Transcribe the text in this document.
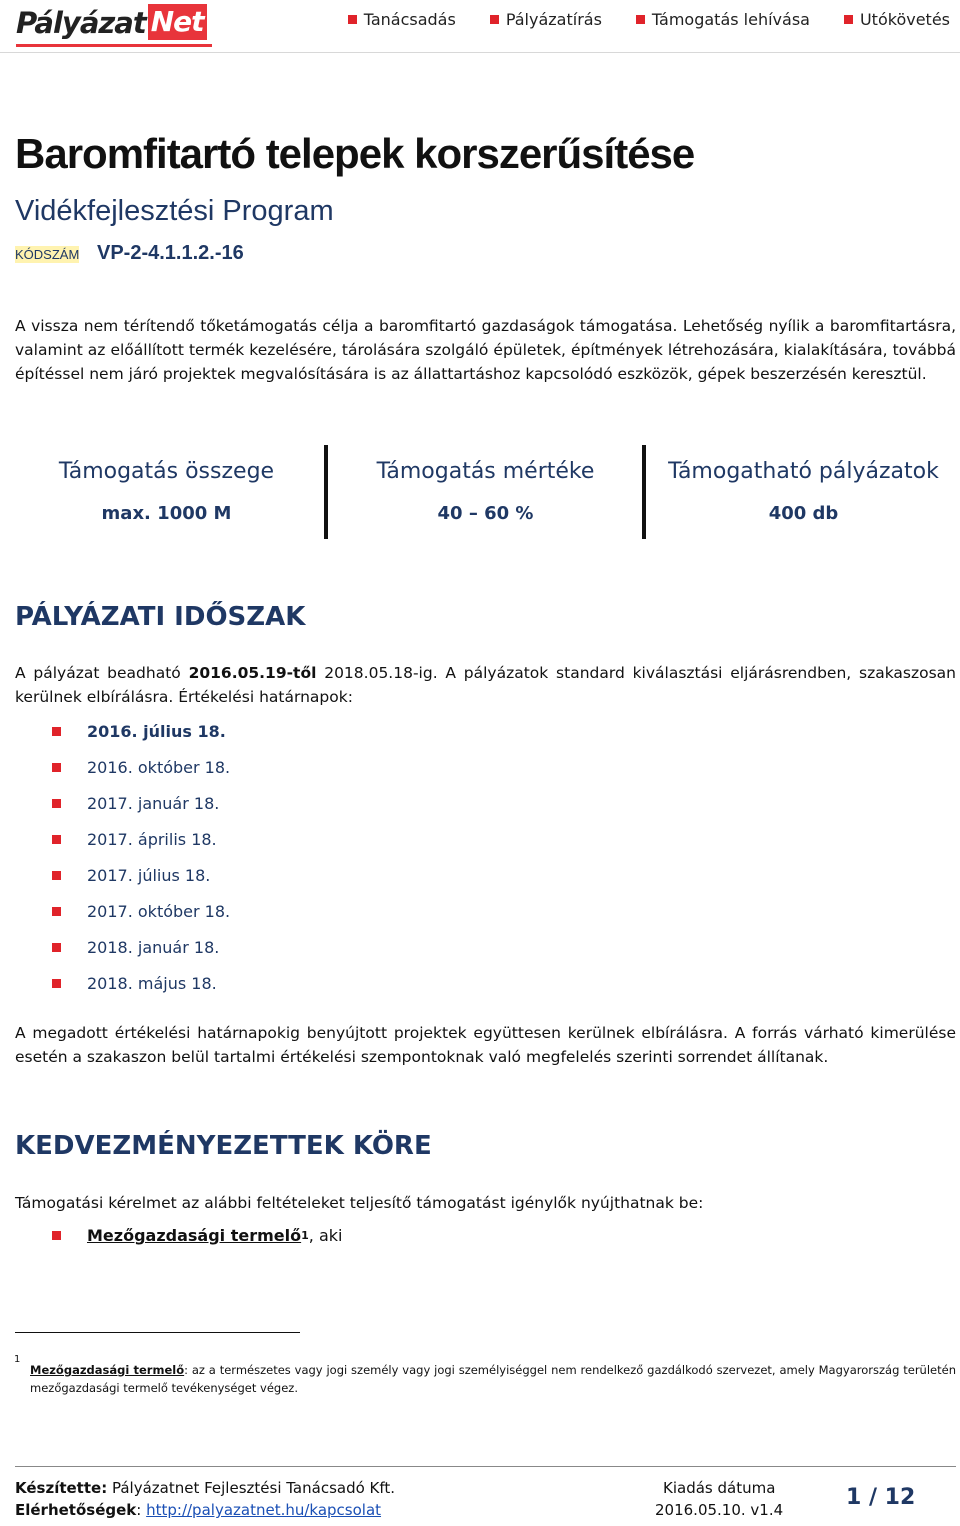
Pályázat Net	Tanácsadás	Pályázatírás	Támogatás lehívása	Utókövetés
Baromfitartó telepek korszerűsítése
Vidékfejlesztési Program
KÓDSZÁM VP-2-4.1.1.2.-16
A vissza nem térítendő tőketámogatás célja a baromfitartó gazdaságok támogatása. Lehetőség nyílik a baromfitartásra, valamint az előállított termék kezelésére, tárolására szolgáló épületek, építmények létrehozására, kialakítására, továbbá építéssel nem járó projektek megvalósítására is az állattartáshoz kapcsolódó eszközök, gépek beszerzésén keresztül.
Támogatás összege
max. 1000 M
Támogatás mértéke
40 – 60 %
Támogatható pályázatok
400 db
PÁLYÁZATI IDŐSZAK
A pályázat beadható 2016.05.19-től 2018.05.18-ig. A pályázatok standard kiválasztási eljárásrendben, szakaszosan kerülnek elbírálásra. Értékelési határnapok:
2016. július 18.
2016. október 18.
2017. január 18.
2017. április 18.
2017. július 18.
2017. október 18.
2018. január 18.
2018. május 18.
A megadott értékelési határnapokig benyújtott projektek együttesen kerülnek elbírálásra. A forrás várható kimerülése esetén a szakaszon belül tartalmi értékelési szempontoknak való megfelelés szerinti sorrendet állítanak.
KEDVEZMÉNYEZETTEK KÖRE
Támogatási kérelmet az alábbi feltételeket teljesítő támogatást igénylők nyújthatnak be:
Mezőgazdasági termelő 1 , aki
1
Mezőgazdasági termelő: az a természetes vagy jogi személy vagy jogi személyiséggel nem rendelkező gazdálkodó szervezet, amely Magyarország területén mezőgazdasági termelő tevékenységet végez.
Készítette: Pályázatnet Fejlesztési Tanácsadó Kft.
Elérhetőségek: http://palyazatnet.hu/kapcsolat
Kiadás dátuma
2016.05.10. v1.4	1 / 12
